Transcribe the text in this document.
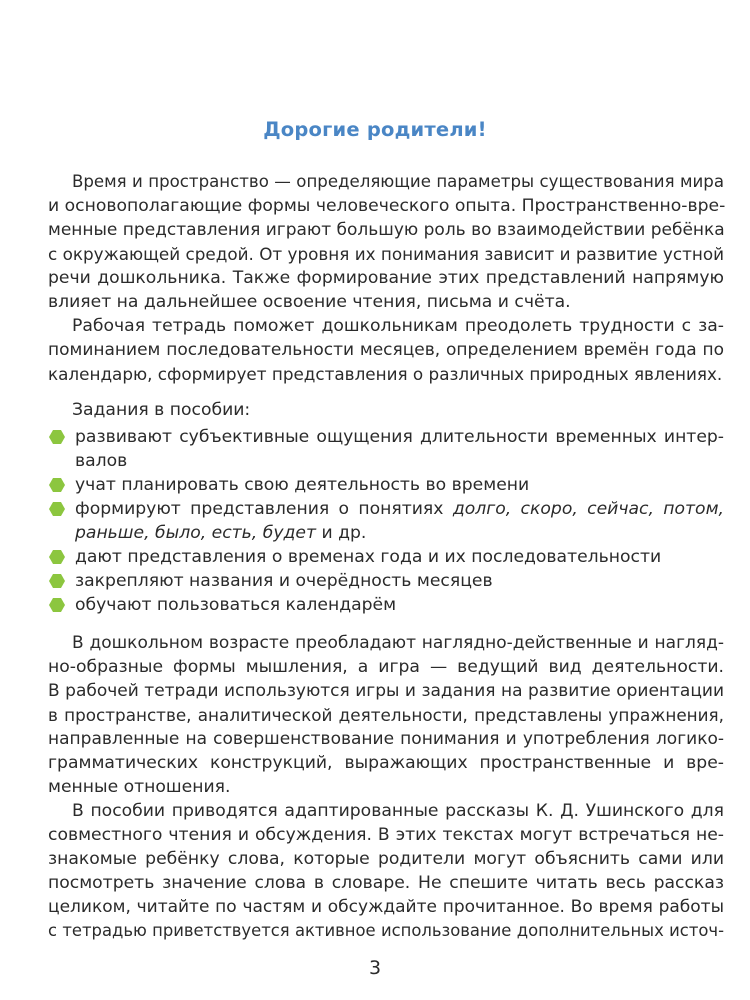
Дорогие родители!
Время и пространство — определяющие параметры существования мира
и основополагающие формы человеческого опыта. Пространственно-вре-
менные представления играют большую роль во взаимодействии ребёнка
с окружающей средой. От уровня их понимания зависит и развитие устной
речи дошкольника. Также формирование этих представлений напрямую
влияет на дальнейшее освоение чтения, письма и счёта.
Рабочая тетрадь поможет дошкольникам преодолеть трудности с за-
поминанием последовательности месяцев, определением времён года по
календарю, сформирует представления о различных природных явлениях.
Задания в пособии:
развивают субъективные ощущения длительности временных интер-
валов
учат планировать свою деятельность во времени
формируют представления о понятиях долго, скоро, сейчас, потом,
раньше, было, есть, будет и др.
дают представления о временах года и их последовательности
закрепляют названия и очерёдность месяцев
обучают пользоваться календарём
В дошкольном возрасте преобладают наглядно-действенные и нагляд-
но-образные формы мышления, а игра — ведущий вид деятельности.
В рабочей тетради используются игры и задания на развитие ориентации
в пространстве, аналитической деятельности, представлены упражнения,
направленные на совершенствование понимания и употребления логико-
грамматических конструкций, выражающих пространственные и вре-
менные отношения.
В пособии приводятся адаптированные рассказы К. Д. Ушинского для
совместного чтения и обсуждения. В этих текстах могут встречаться не-
знакомые ребёнку слова, которые родители могут объяснить сами или
посмотреть значение слова в словаре. Не спешите читать весь рассказ
целиком, читайте по частям и обсуждайте прочитанное. Во время работы
с тетрадью приветствуется активное использование дополнительных источ-
3
